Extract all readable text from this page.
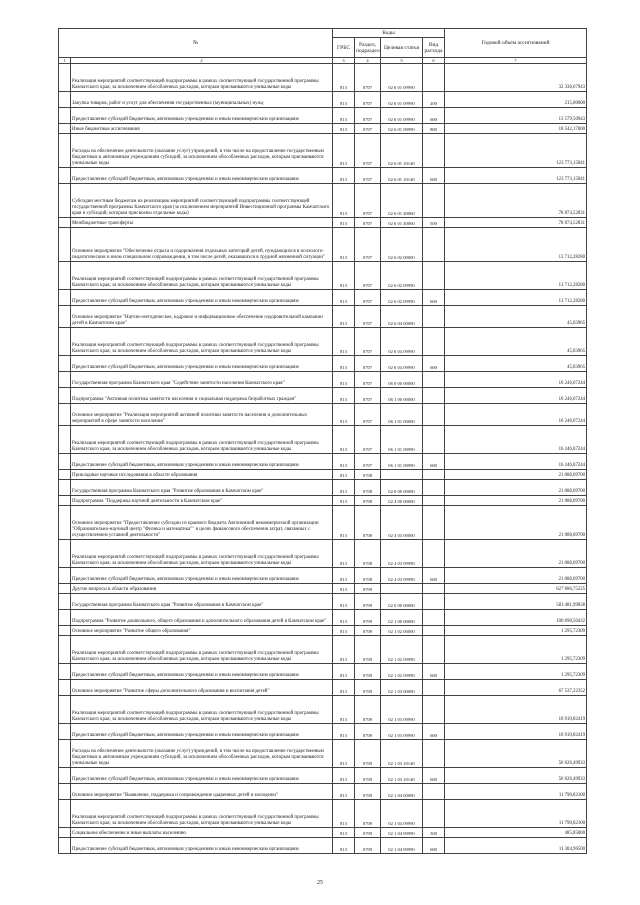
№		Коды				Годовой объем ассигнований
		ГРБС	Раздел, подраздел	Целевая статья	Вид расхода	
1	2	3	4	5	6	7
	Реализация мероприятий соответствующей подпрограммы в рамках соответствующей государственной программы Камчатского края, за исключением обособленных расходов, которым присваиваются уникальные коды	813	0707	02 6 01 09990		32 336,67943
	Закупка товаров, работ и услуг для обеспечения государственных (муниципальных) нужд	813	0707	02 6 01 09990	200	215,00000
	Предоставление субсидий бюджетным, автономным учреждениям и иным некоммерческим организациям	813	0707	02 6 01 09990	600	13 579,50943
	Иные бюджетные ассигнования	813	0707	02 6 01 09990	800	18 542,17000
	Расходы на обеспечение деятельности (оказание услуг) учреждений, в том числе на предоставление государственным бюджетным и автономным учреждениям субсидий, за исключением обособленных расходов, которым присваиваются уникальные коды	813	0707	02 6 01 10140		123 773,15841
	Предоставление субсидий бюджетным, автономным учреждениям и иным некоммерческим организациям	813	0707	02 6 01 10140	600	123 773,15841
	Субсидии местным бюджетам на реализацию мероприятий соответствующей подпрограммы соответствующей государственной программы Камчатского края (за исключением мероприятий Инвестиционной программы Камчатского края и субсидий, которым присвоены отдельные коды)	813	0707	02 6 01 40060		78 874,52831
	Межбюджетные трансферты	813	0707	02 6 01 40060	500	78 874,52831
	Основное мероприятие "Обеспечение отдыха и оздоровления отдельных категорий детей, нуждающихся в психолого-педагогическом и ином специальном сопровождении, в том числе детей, оказавшихся в трудной жизненной ситуации"	813	0707	02 6 02 00000		13 712,28280
	Реализация мероприятий соответствующей подпрограммы в рамках соответствующей государственной программы Камчатского края, за исключением обособленных расходов, которым присваиваются уникальные коды	813	0707	02 6 02 09990		13 712,28280
	Предоставление субсидий бюджетным, автономным учреждениям и иным некоммерческим организациям	813	0707	02 6 02 09990	600	13 712,28280
	Основное мероприятие "Научно-методическое, кадровое и информационное обеспечение оздоровительной кампании детей в Камчатском крае"	813	0707	02 6 04 00000		45,03965
	Реализация мероприятий соответствующей подпрограммы в рамках соответствующей государственной программы Камчатского края, за исключением обособленных расходов, которым присваиваются уникальные коды	813	0707	02 6 04 09990		45,03965
	Предоставление субсидий бюджетным, автономным учреждениям и иным некоммерческим организациям	813	0707	02 6 04 09990	600	45,03965
	Государственная программа Камчатского края "Содействие занятости населения Камчатского края"	813	0707	06 0 00 00000		16 246,67244
	Подпрограмма "Активная политика занятости населения и социальная поддержка безработных граждан"	813	0707	06 1 00 00000		16 246,67244
	Основное мероприятие "Реализация мероприятий активной политики занятости населения и дополнительных мероприятий в сфере занятости населения"	813	0707	06 1 01 00000		16 246,67244
	Реализация мероприятий соответствующей подпрограммы в рамках соответствующей государственной программы Камчатского края, за исключением обособленных расходов, которым присваиваются уникальные коды	813	0707	06 1 01 09990		16 246,67244
	Предоставление субсидий бюджетным, автономным учреждениям и иным некоммерческим организациям	813	0707	06 1 01 09990	600	16 246,67244
	Прикладные научные исследования в области образования	813	0708			21 088,09700
	Государственная программа Камчатского края "Развитие образования в Камчатском крае"	813	0708	02 0 00 00000		21 088,09700
	Подпрограмма "Поддержка научной деятельности в Камчатском крае"	813	0708	02 4 00 00000		21 088,09700
	Основное мероприятие "Предоставление субсидии из краевого бюджета Автономной некоммерческой организации "Образовательно-научный центр "Физика и математика"" в целях финансового обеспечения затрат, связанных с осуществлением уставной деятельности"	813	0708	02 4 03 00000		21 088,09700
	Реализация мероприятий соответствующей подпрограммы в рамках соответствующей государственной программы Камчатского края, за исключением обособленных расходов, которым присваиваются уникальные коды	813	0708	02 4 03 09990		21 088,09700
	Предоставление субсидий бюджетным, автономным учреждениям и иным некоммерческим организациям	813	0708	02 4 03 09990	600	21 088,09700
	Другие вопросы в области образования	813	0709			627 686,75225
	Государственная программа Камчатского края "Развитие образования в Камчатском крае"	813	0709	02 0 00 00000		583 481,99838
	Подпрограмма "Развитие дошкольного, общего образования и дополнительного образования детей в Камчатском крае"	813	0709	02 1 00 00000		100 698,50432
	Основное мероприятие "Развитие общего образования"	813	0709	02 1 02 00000		1 295,72309
	Реализация мероприятий соответствующей подпрограммы в рамках соответствующей государственной программы Камчатского края, за исключением обособленных расходов, которым присваиваются уникальные коды	813	0709	02 1 02 09990		1 295,72309
	Предоставление субсидий бюджетным, автономным учреждениям и иным некоммерческим организациям	813	0709	02 1 02 09990	600	1 295,72309
	Основное мероприятие "Развитие сферы дополнительного образования и воспитания детей"	813	0709	02 1 03 00000		67 537,22352
	Реализация мероприятий соответствующей подпрограммы в рамках соответствующей государственной программы Камчатского края, за исключением обособленных расходов, которым присваиваются уникальные коды	813	0709	02 1 03 09990		10 910,82419
	Предоставление субсидий бюджетным, автономным учреждениям и иным некоммерческим организациям	813	0709	02 1 03 09990	600	10 910,82419
	Расходы на обеспечение деятельности (оказание услуг) учреждений, в том числе на предоставление государственным бюджетным и автономным учреждениям субсидий, за исключением обособленных расходов, которым присваиваются уникальные коды	813	0709	02 1 03 10140		56 626,49933
	Предоставление субсидий бюджетным, автономным учреждениям и иным некоммерческим организациям	813	0709	02 1 03 10140	600	56 626,49933
	Основное мероприятие "Выявление, поддержка и сопровождение одаренных детей и молодежи"	813	0709	02 1 04 00000		11 790,82100
	Реализация мероприятий соответствующей подпрограммы в рамках соответствующей государственной программы Камчатского края, за исключением обособленных расходов, которым присваиваются уникальные коды	813	0709	02 1 04 09990		11 790,82100
	Социальное обеспечение и иные выплаты населению	813	0709	02 1 04 09990	300	485,85000
	Предоставление субсидий бюджетным, автономным учреждениям и иным некоммерческим организациям	813	0709	02 1 04 09990	600	11 304,96500
25
